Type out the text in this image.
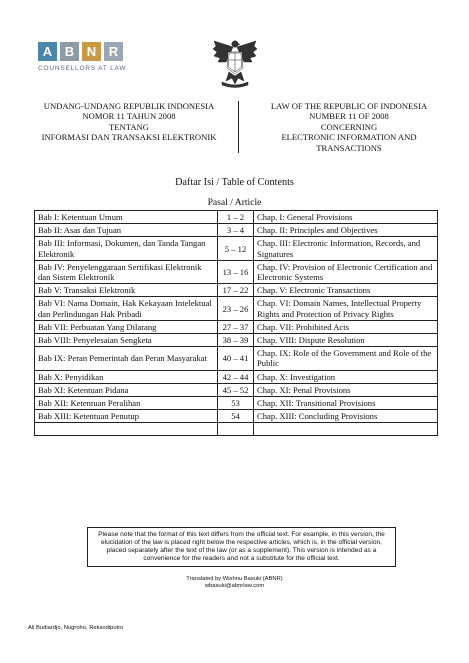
A B N R
COUNSELLORS AT LAW
UNDANG-UNDANG REPUBLIK INDONESIA
NOMOR 11 TAHUN 2008
TENTANG
INFORMASI DAN TRANSAKSI ELEKTRONIK
LAW OF THE REPUBLIC OF INDONESIA
NUMBER 11 OF 2008
CONCERNING
ELECTRONIC INFORMATION AND
TRANSACTIONS
Daftar Isi / Table of Contents
Pasal / Article
Bab I: Ketentuan Umum	1 – 2	Chap. I: General Provisions
Bab II: Asas dan Tujuan	3 – 4	Chap. II: Principles and Objectives
Bab III: Informasi, Dokumen, dan Tanda Tangan Elektronik	5 – 12	Chap. III: Electronic Information, Records, and Signatures
Bab IV: Penyelenggaraan Sertifikasi Elektronik dan Sistem Elektronik	13 – 16	Chap. IV: Provision of Electronic Certification and Electronic Systems
Bab V: Transaksi Elektronik	17 – 22	Chap. V: Electronic Transactions
Bab VI: Nama Domain, Hak Kekayaan Intelektual dan Perlindungan Hak Pribadi	23 – 26	Chap. VI: Domain Names, Intellectual Property Rights and Protection of Privacy Rights
Bab VII: Perbuatan Yang Dilarang	27 – 37	Chap. VII: Prohibited Acts
Bab VIII: Penyelesaian Sengketa	38 – 39	Chap. VIII: Dispute Resolution
Bab IX: Peran Pemerintah dan Peran Masyarakat	40 – 41	Chap. IX: Role of the Government and Role of the Public
Bab X: Penyidikan	42 – 44	Chap. X: Investigation
Bab XI: Ketentuan Pidana	45 – 52	Chap. XI: Penal Provisions
Bab XII: Ketentuan Peralihan	53	Chap. XII: Transitional Provisions
Bab XIII: Ketentuan Penutup	54	Chap. XIII: Concluding Provisions

Please note that the format of this text differs from the official text. For example, in this version, the elucidation of the law is placed right below the respective articles, which is, in the official version, placed separately after the text of the law (or as a supplement). This version is intended as a convenience for the readers and not a substitute for the official text.
Translated by Wishnu Basuki (ABNR)
wbasuki@abnrlaw.com
Ali Budiardjo, Nugroho, Reksodiputro
